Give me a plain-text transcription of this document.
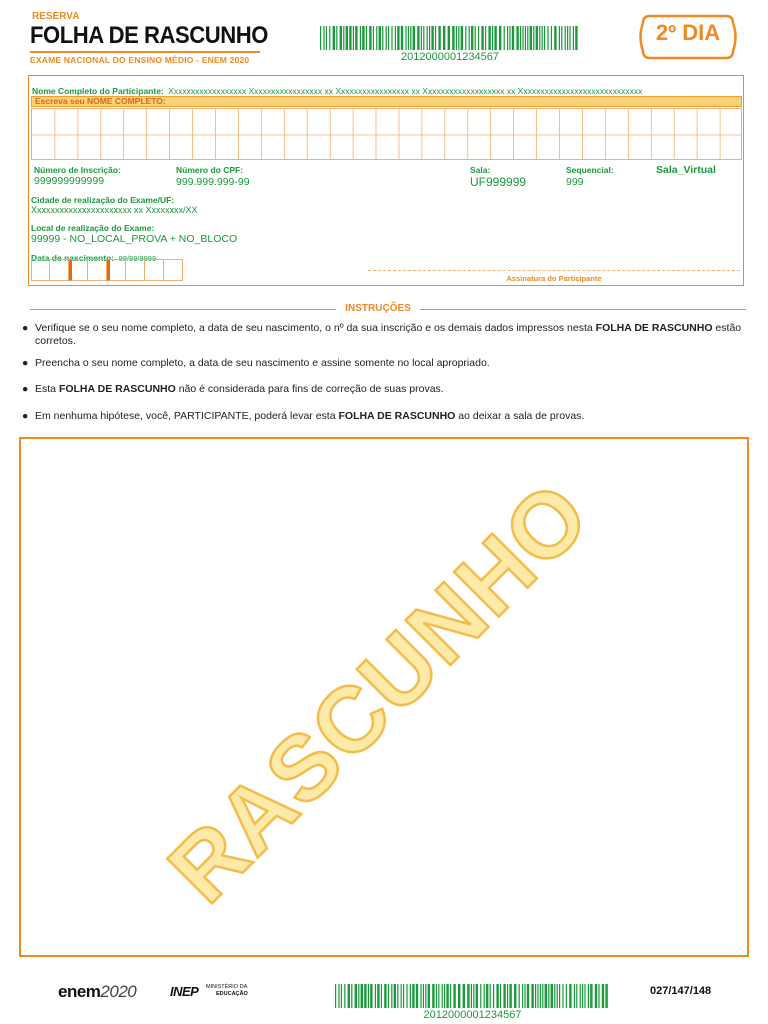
RESERVA
FOLHA DE RASCUNHO
EXAME NACIONAL DO ENSINO MÉDIO - ENEM 2020	2012000001234567
2º DIA
Nome Completo do Participante: Xxxxxxxxxxxxxxxxxx Xxxxxxxxxxxxxxxxx xx Xxxxxxxxxxxxxxxxx xx Xxxxxxxxxxxxxxxxxxx xx Xxxxxxxxxxxxxxxxxxxxxxxxxxxxx
Escreva seu NOME COMPLETO:
Número de Inscrição:
999999999999
Número do CPF:
999.999.999-99
Sala:
UF999999
Sequencial:
999
Sala_Virtual
Cidade de realização do Exame/UF:
Xxxxxxxxxxxxxxxxxxxxxx xx Xxxxxxxx/XX
Local de realização do Exame:
99999 - NO_LOCAL_PROVA + NO_BLOCO
Data de nascimento: 99/99/9999
Assinatura do Participante
INSTRUÇÕES
● Verifique se o seu nome completo, a data de seu nascimento, o nº da sua inscrição e os demais dados impressos nesta FOLHA DE RASCUNHO estão corretos.
● Preencha o seu nome completo, a data de seu nascimento e assine somente no local apropriado.
● Esta FOLHA DE RASCUNHO não é considerada para fins de correção de suas provas.
● Em nenhuma hipótese, você, PARTICIPANTE, poderá levar esta FOLHA DE RASCUNHO ao deixar a sala de provas.
RASCUNHO
enem2020	INEP MINISTÉRIO DA
EDUCAÇÃO
2012000001234567
027/147/148
